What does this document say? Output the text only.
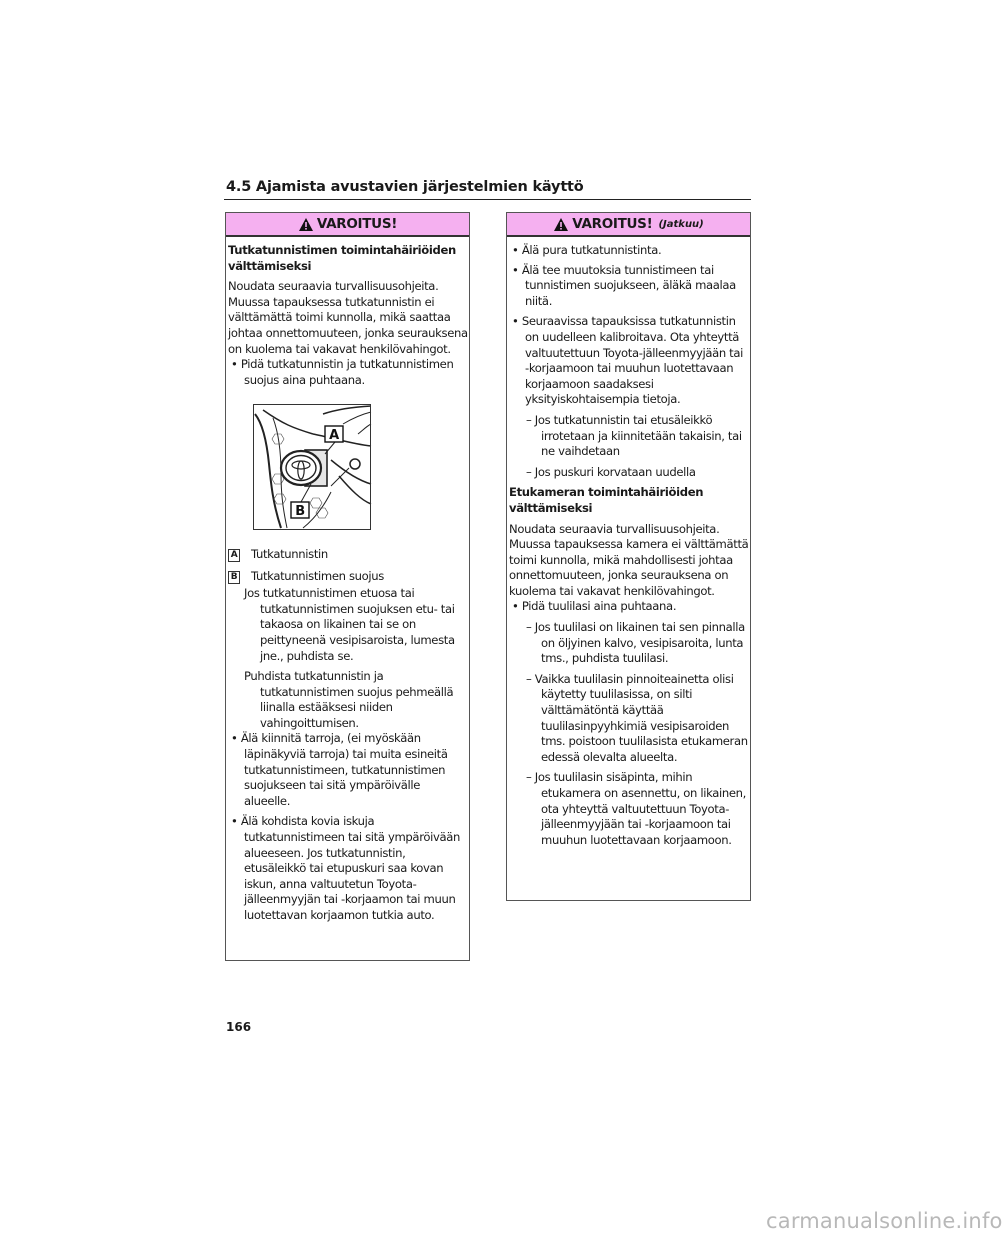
4.5 Ajamista avustavien järjestelmien käyttö
VAROITUS!

Tutkatunnistimen toimintahäiriöiden välttämiseksi

Noudata seuraavia turvallisuusohjeita. Muussa tapauksessa tutkatunnistin ei välttämättä toimi kunnolla, mikä saattaa johtaa onnettomuuteen, jonka seurauksena on kuolema tai vakavat henkilövahingot.

• Pidä tutkatunnistin ja tutkatunnistimen suojus aina puhtaana.

A
B
A Tutkatunnistin
B Tutkatunnistimen suojus

Jos tutkatunnistimen etuosa tai tutkatunnistimen suojuksen etu- tai takaosa on likainen tai se on peittyneenä vesipisaroista, lumesta jne., puhdista se.

Puhdista tutkatunnistin ja tutkatunnistimen suojus pehmeällä liinalla estääksesi niiden vahingoittumisen.

• Älä kiinnitä tarroja, (ei myöskään läpinäkyviä tarroja) tai muita esineitä tutkatunnistimeen, tutkatunnistimen suojukseen tai sitä ympäröivälle alueelle.

• Älä kohdista kovia iskuja tutkatunnistimeen tai sitä ympäröivään alueeseen. Jos tutkatunnistin, etusäleikkö tai etupuskuri saa kovan iskun, anna valtuutetun Toyota-jälleenmyyjän tai -korjaamon tai muun luotettavan korjaamon tutkia auto.

VAROITUS! (Jatkuu)

• Älä pura tutkatunnistinta.

• Älä tee muutoksia tunnistimeen tai tunnistimen suojukseen, äläkä maalaa niitä.

• Seuraavissa tapauksissa tutkatunnistin on uudelleen kalibroitava. Ota yhteyttä valtuutettuun Toyota-jälleenmyyjään tai -korjaamoon tai muuhun luotettavaan korjaamoon saadaksesi yksityiskohtaisempia tietoja.

– Jos tutkatunnistin tai etusäleikkö irrotetaan ja kiinnitetään takaisin, tai ne vaihdetaan

– Jos puskuri korvataan uudella

Etukameran toimintahäiriöiden välttämiseksi

Noudata seuraavia turvallisuusohjeita. Muussa tapauksessa kamera ei välttämättä toimi kunnolla, mikä mahdollisesti johtaa onnettomuuteen, jonka seurauksena on kuolema tai vakavat henkilövahingot.

• Pidä tuulilasi aina puhtaana.

– Jos tuulilasi on likainen tai sen pinnalla on öljyinen kalvo, vesipisaroita, lunta tms., puhdista tuulilasi.

– Vaikka tuulilasin pinnoiteainetta olisi käytetty tuulilasissa, on silti välttämätöntä käyttää tuulilasinpyyhkimiä vesipisaroiden tms. poistoon tuulilasista etukameran edessä olevalta alueelta.

– Jos tuulilasin sisäpinta, mihin etukamera on asennettu, on likainen, ota yhteyttä valtuutettuun Toyota-jälleenmyyjään tai -korjaamoon tai muuhun luotettavaan korjaamoon.

166
carmanualsonline.info
